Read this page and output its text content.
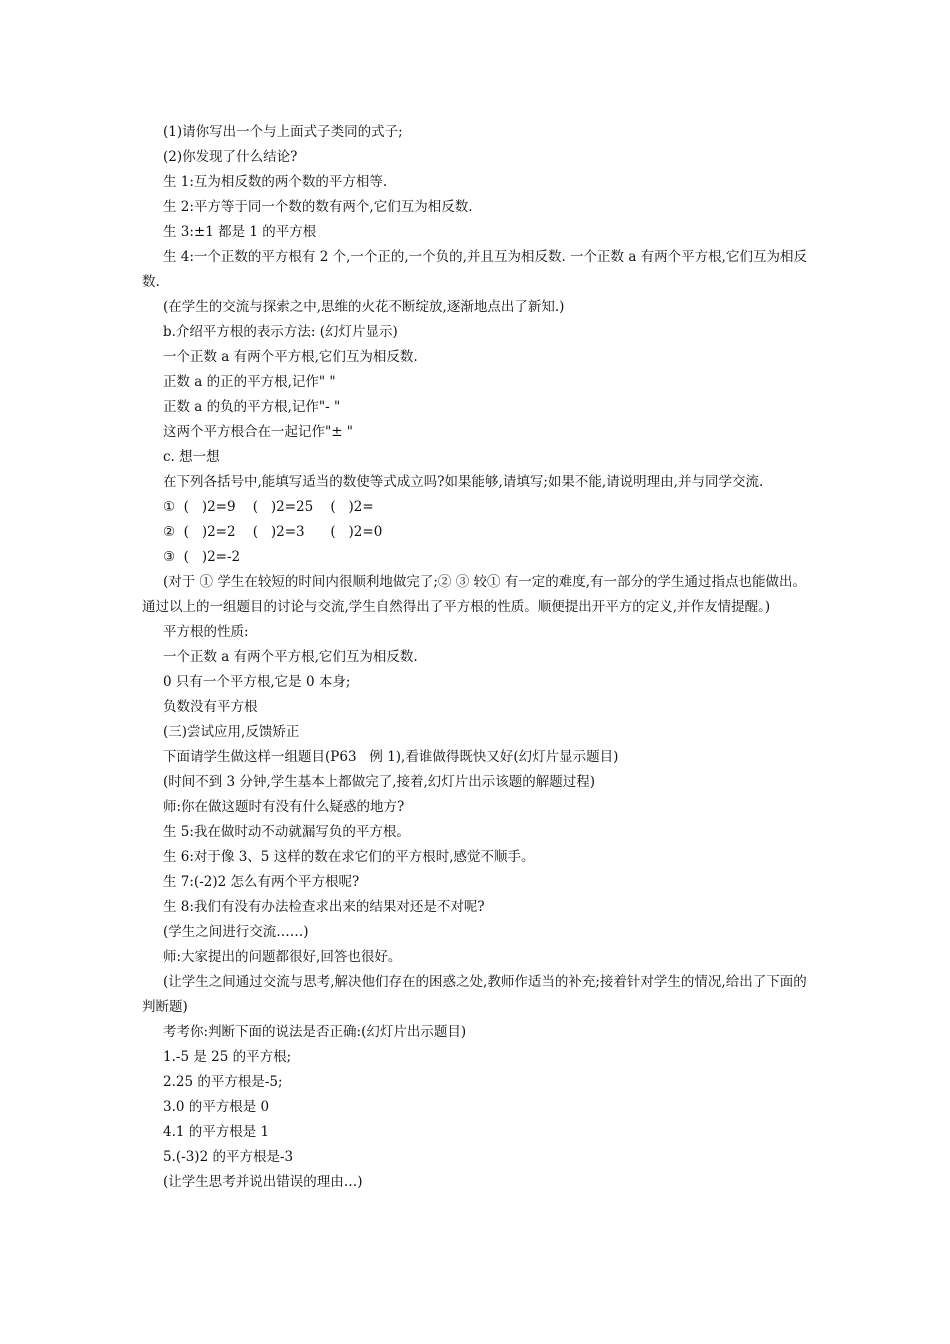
(1)请你写出一个与上面式子类同的式子;

(2)你发现了什么结论?

生 1:互为相反数的两个数的平方相等.

生 2:平方等于同一个数的数有两个,它们互为相反数.

生 3:±1 都是 1 的平方根

生 4:一个正数的平方根有 2 个,一个正的,一个负的,并且互为相反数. 一个正数 a 有两个平方根,它们互为相反数.

(在学生的交流与探索之中,思维的火花不断绽放,逐渐地点出了新知.)

b.介绍平方根的表示方法: (幻灯片显示)

一个正数 a 有两个平方根,它们互为相反数.

正数 a 的正的平方根,记作" "

正数 a 的负的平方根,记作"- "

这两个平方根合在一起记作"± "

c. 想一想

在下列各括号中,能填写适当的数使等式成立吗?如果能够,请填写;如果不能,请说明理由,并与同学交流.

①  (   )2=9    (   )2=25    (   )2=

②  (   )2=2    (   )2=3      (   )2=0

③  (   )2=-2

(对于 ① 学生在较短的时间内很顺利地做完了;② ③ 较① 有一定的难度,有一部分的学生通过指点也能做出。通过以上的一组题目的讨论与交流,学生自然得出了平方根的性质。顺便提出开平方的定义,并作友情提醒。)

平方根的性质:

一个正数 a 有两个平方根,它们互为相反数.

0 只有一个平方根,它是 0 本身;

负数没有平方根

(三)尝试应用,反馈矫正

下面请学生做这样一组题目(P63   例 1),看谁做得既快又好(幻灯片显示题目)

(时间不到 3 分钟,学生基本上都做完了,接着,幻灯片出示该题的解题过程)

师:你在做这题时有没有什么疑惑的地方?

生 5:我在做时动不动就漏写负的平方根。

生 6:对于像 3、5 这样的数在求它们的平方根时,感觉不顺手。

生 7:(-2)2 怎么有两个平方根呢?

生 8:我们有没有办法检查求出来的结果对还是不对呢?

(学生之间进行交流……)

师:大家提出的问题都很好,回答也很好。

(让学生之间通过交流与思考,解决他们存在的困惑之处,教师作适当的补充;接着针对学生的情况,给出了下面的判断题)

考考你:判断下面的说法是否正确:(幻灯片出示题目)

1.-5 是 25 的平方根;

2.25 的平方根是-5;

3.0 的平方根是 0

4.1 的平方根是 1

5.(-3)2 的平方根是-3

(让学生思考并说出错误的理由…)
